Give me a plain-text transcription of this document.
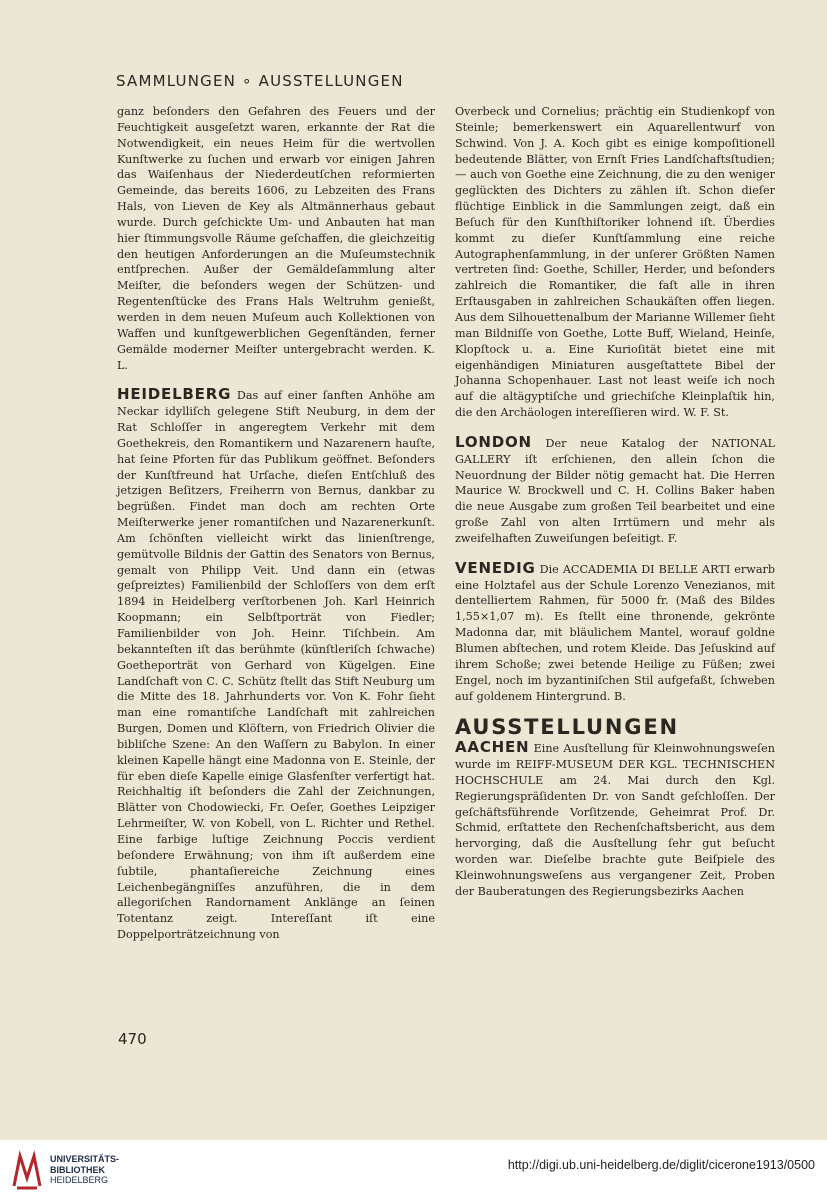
SAMMLUNGEN ∘ AUSSTELLUNGEN

ganz beſonders den Gefahren des Feuers und der Feuchtigkeit ausgeſetzt waren, erkannte der Rat die Notwendigkeit, ein neues Heim für die wertvollen Kunſtwerke zu ſuchen und erwarb vor einigen Jahren das Waiſenhaus der Niederdeutſchen reformierten Gemeinde, das bereits 1606, zu Lebzeiten des Frans Hals, von Lieven de Key als Altmännerhaus gebaut wurde. Durch geſchickte Um- und Anbauten hat man hier ſtimmungsvolle Räume geſchaffen, die gleichzeitig den heutigen Anforderungen an die Muſeumstechnik entſprechen. Außer der Gemäldeſammlung alter Meiſter, die beſonders wegen der Schützen- und Regentenſtücke des Frans Hals Weltruhm genießt, werden in dem neuen Muſeum auch Kollektionen von Waffen und kunſtgewerblichen Gegenſtänden, ferner Gemälde moderner Meiſter untergebracht werden. K. L.

HEIDELBERG Das auf einer ſanften Anhöhe am Neckar idylliſch gelegene Stift Neuburg, in dem der Rat Schloſſer in angeregtem Verkehr mit dem Goethekreis, den Romantikern und Nazarenern hauſte, hat ſeine Pforten für das Publikum geöffnet. Beſonders der Kunſtfreund hat Urſache, dieſen Entſchluß des jetzigen Beſitzers, Freiherrn von Bernus, dankbar zu begrüßen. Findet man doch am rechten Orte Meiſterwerke jener romantiſchen und Nazarenerkunſt. Am ſchönſten vielleicht wirkt das linienſtrenge, gemütvolle Bildnis der Gattin des Senators von Bernus, gemalt von Philipp Veit. Und dann ein (etwas geſpreiztes) Familienbild der Schloſſers von dem erſt 1894 in Heidelberg verſtorbenen Joh. Karl Heinrich Koopmann; ein Selbſtporträt von Fiedler; Familienbilder von Joh. Heinr. Tiſchbein. Am bekannteſten iſt das berühmte (künſtleriſch ſchwache) Goetheporträt von Gerhard von Kügelgen. Eine Landſchaft von C. C. Schütz ſtellt das Stift Neuburg um die Mitte des 18. Jahrhunderts vor. Von K. Fohr ſieht man eine romantiſche Landſchaft mit zahlreichen Burgen, Domen und Klöſtern, von Friedrich Olivier die bibliſche Szene: An den Waſſern zu Babylon. In einer kleinen Kapelle hängt eine Madonna von E. Steinle, der für eben dieſe Kapelle einige Glasfenſter verfertigt hat. Reichhaltig iſt beſonders die Zahl der Zeichnungen, Blätter von Chodowiecki, Fr. Oeſer, Goethes Leipziger Lehrmeiſter, W. von Kobell, von L. Richter und Rethel. Eine farbige luſtige Zeichnung Poccis verdient beſondere Erwähnung; von ihm iſt außerdem eine ſubtile, phantaſiereiche Zeichnung eines Leichenbegängniſſes anzuführen, die in dem allegoriſchen Randornament Anklänge an ſeinen Totentanz zeigt. Intereſſant iſt eine Doppelporträtzeichnung von

Overbeck und Cornelius; prächtig ein Studienkopf von Steinle; bemerkenswert ein Aquarellentwurf von Schwind. Von J. A. Koch gibt es einige kompoſitionell bedeutende Blätter, von Ernſt Fries Landſchaftsſtudien; — auch von Goethe eine Zeichnung, die zu den weniger geglückten des Dichters zu zählen iſt. Schon dieſer flüchtige Einblick in die Sammlungen zeigt, daß ein Beſuch für den Kunſthiſtoriker lohnend iſt. Überdies kommt zu dieſer Kunſtſammlung eine reiche Autographenſammlung, in der unſerer Größten Namen vertreten ſind: Goethe, Schiller, Herder, und beſonders zahlreich die Romantiker, die faſt alle in ihren Erſtausgaben in zahlreichen Schaukäſten offen liegen. Aus dem Silhouettenalbum der Marianne Willemer ſieht man Bildniſſe von Goethe, Lotte Buff, Wieland, Heinſe, Klopſtock u. a. Eine Kurioſität bietet eine mit eigenhändigen Miniaturen ausgeſtattete Bibel der Johanna Schopenhauer. Last not least weiſe ich noch auf die altägyptiſche und griechiſche Kleinplaſtik hin, die den Archäologen intereſſieren wird. W. F. St.

LONDON Der neue Katalog der NATIONAL GALLERY iſt erſchienen, den allein ſchon die Neuordnung der Bilder nötig gemacht hat. Die Herren Maurice W. Brockwell und C. H. Collins Baker haben die neue Ausgabe zum großen Teil bearbeitet und eine große Zahl von alten Irrtümern und mehr als zweifelhaften Zuweiſungen beſeitigt. F.

VENEDIG Die ACCADEMIA DI BELLE ARTI erwarb eine Holztafel aus der Schule Lorenzo Venezianos, mit dentelliertem Rahmen, für 5000 fr. (Maß des Bildes 1,55×1,07 m). Es ſtellt eine thronende, gekrönte Madonna dar, mit bläulichem Mantel, worauf goldne Blumen abſtechen, und rotem Kleide. Das Jeſuskind auf ihrem Schoße; zwei betende Heilige zu Füßen; zwei Engel, noch im byzantiniſchen Stil aufgefaßt, ſchweben auf goldenem Hintergrund. B.

AUSSTELLUNGEN

AACHEN Eine Ausſtellung für Kleinwohnungsweſen wurde im REIFF-MUSEUM DER KGL. TECHNISCHEN HOCHSCHULE am 24. Mai durch den Kgl. Regierungspräſidenten Dr. von Sandt geſchloſſen. Der geſchäftsführende Vorſitzende, Geheimrat Prof. Dr. Schmid, erſtattete den Rechenſchaftsbericht, aus dem hervorging, daß die Ausſtellung ſehr gut beſucht worden war. Dieſelbe brachte gute Beiſpiele des Kleinwohnungsweſens aus vergangener Zeit, Proben der Bauberatungen des Regierungsbezirks Aachen

470
UNIVERSITÄTS-
BIBLIOTHEK
HEIDELBERG
http://digi.ub.uni-heidelberg.de/diglit/cicerone1913/0500
